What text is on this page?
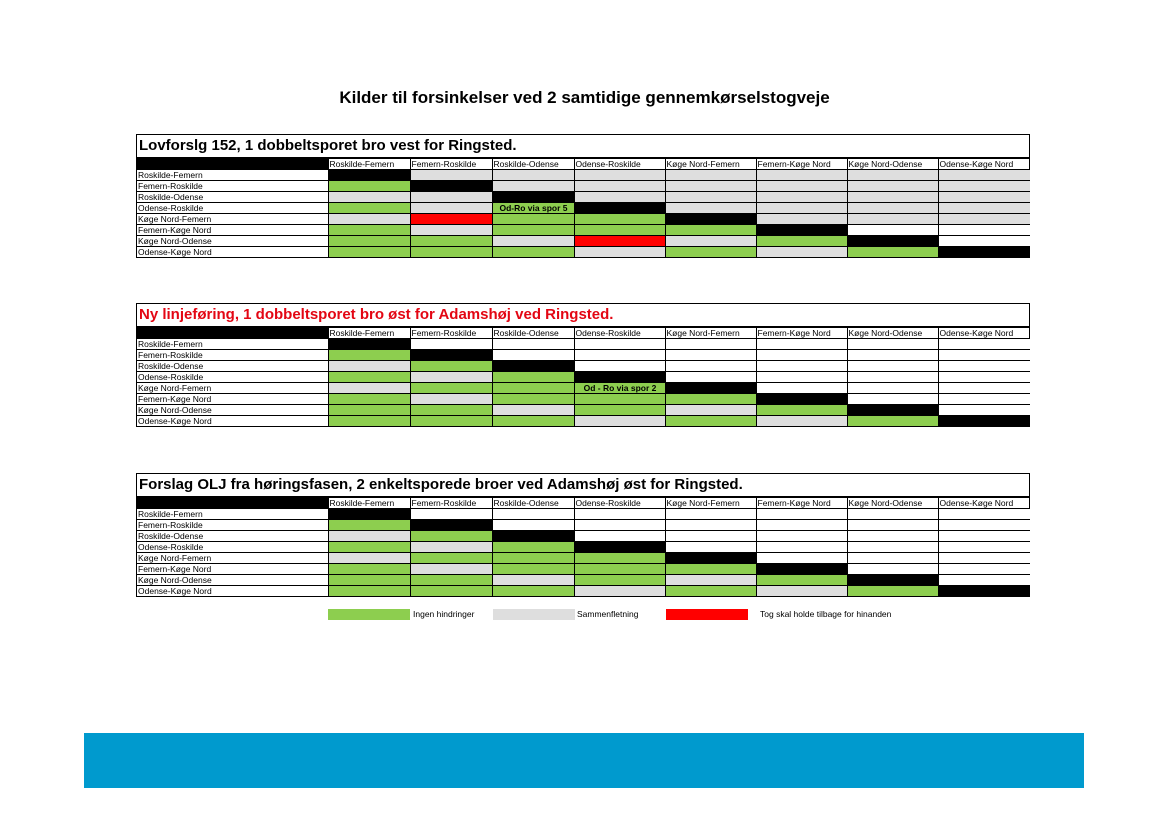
Kilder til forsinkelser ved 2 samtidige gennemkørselstogveje
Lovforslg 152, 1 dobbeltsporet bro vest for Ringsted.
	Roskilde-Femern	Femern-Roskilde	Roskilde-Odense	Odense-Roskilde	Køge Nord-Femern	Femern-Køge Nord	Køge Nord-Odense	Odense-Køge Nord
Roskilde-Femern								
Femern-Roskilde								
Roskilde-Odense								
Odense-Roskilde			Od-Ro via spor 5					
Køge Nord-Femern								
Femern-Køge Nord								
Køge Nord-Odense								
Odense-Køge Nord								
Ny linjeføring, 1 dobbeltsporet bro øst for Adamshøj ved Ringsted.
	Roskilde-Femern	Femern-Roskilde	Roskilde-Odense	Odense-Roskilde	Køge Nord-Femern	Femern-Køge Nord	Køge Nord-Odense	Odense-Køge Nord
Roskilde-Femern								
Femern-Roskilde								
Roskilde-Odense								
Odense-Roskilde								
Køge Nord-Femern				Od - Ro via spor 2				
Femern-Køge Nord								
Køge Nord-Odense								
Odense-Køge Nord								
Forslag OLJ fra høringsfasen, 2 enkeltsporede broer ved Adamshøj øst for Ringsted.
	Roskilde-Femern	Femern-Roskilde	Roskilde-Odense	Odense-Roskilde	Køge Nord-Femern	Femern-Køge Nord	Køge Nord-Odense	Odense-Køge Nord
Roskilde-Femern								
Femern-Roskilde								
Roskilde-Odense								
Odense-Roskilde								
Køge Nord-Femern								
Femern-Køge Nord								
Køge Nord-Odense								
Odense-Køge Nord								
Ingen hindringer	Sammenfletning	Tog skal holde tilbage for hinanden
